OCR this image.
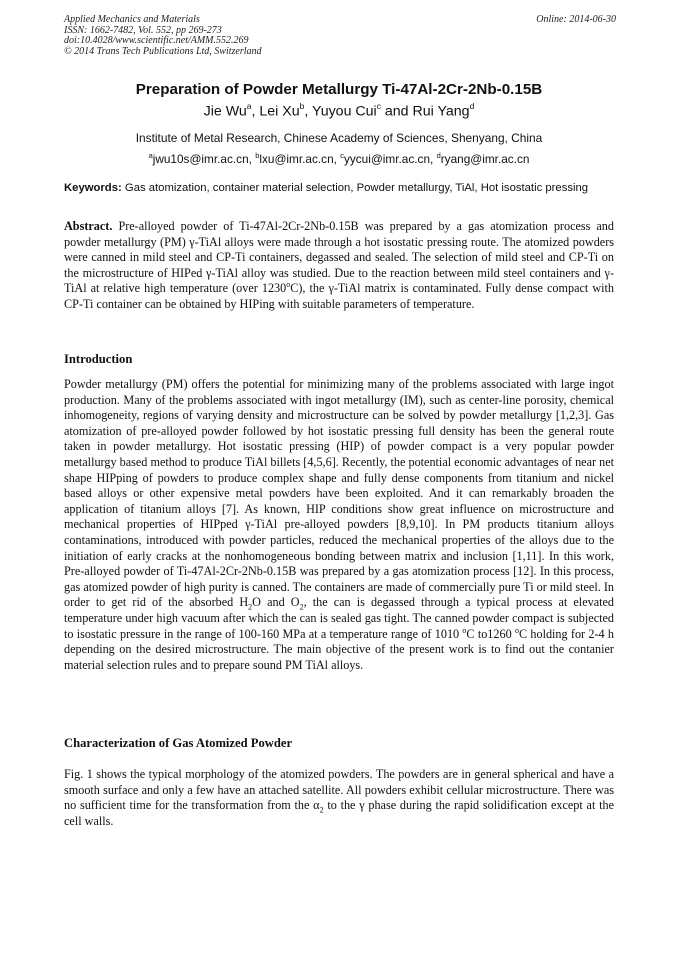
Applied Mechanics and Materials
ISSN: 1662-7482, Vol. 552, pp 269-273
doi:10.4028/www.scientific.net/AMM.552.269
© 2014 Trans Tech Publications Ltd, Switzerland
Online: 2014-06-30
Preparation of Powder Metallurgy Ti-47Al-2Cr-2Nb-0.15B
Jie Wu$^a$, Lei Xu$^b$, Yuyou Cui$^c$ and Rui Yang$^d$
Institute of Metal Research, Chinese Academy of Sciences, Shenyang, China
$^a$jwu10s@imr.ac.cn, $^b$lxu@imr.ac.cn, $^c$yycui@imr.ac.cn, $^d$ryang@imr.ac.cn
Keywords: Gas atomization, container material selection, Powder metallurgy, TiAl, Hot isostatic pressing
Abstract. Pre-alloyed powder of Ti-47Al-2Cr-2Nb-0.15B was prepared by a gas atomization process and powder metallurgy (PM) γ-TiAl alloys were made through a hot isostatic pressing route. The atomized powders were canned in mild steel and CP-Ti containers, degassed and sealed. The selection of mild steel and CP-Ti on the microstructure of HIPed γ-TiAl alloy was studied. Due to the reaction between mild steel containers and γ-TiAl at relative high temperature (over 1230$^o$C), the γ-TiAl matrix is contaminated. Fully dense compact with CP-Ti container can be obtained by HIPing with suitable parameters of temperature.
Introduction
Powder metallurgy (PM) offers the potential for minimizing many of the problems associated with large ingot production. Many of the problems associated with ingot metallurgy (IM), such as center-line porosity, chemical inhomogeneity, regions of varying density and microstructure can be solved by powder metallurgy [1,2,3]. Gas atomization of pre-alloyed powder followed by hot isostatic pressing full density has been the general route taken in powder metallurgy. Hot isostatic pressing (HIP) of powder compact is a very popular powder metallurgy based method to produce TiAl billets [4,5,6]. Recently, the potential economic advantages of near net shape HIPping of powders to produce complex shape and fully dense components from titanium and nickel based alloys or other expensive metal powders have been exploited. And it can remarkably broaden the application of titanium alloys [7]. As known, HIP conditions show great influence on microstructure and mechanical properties of HIPped γ-TiAl pre-alloyed powders [8,9,10]. In PM products titanium alloys contaminations, introduced with powder particles, reduced the mechanical properties of the alloys due to the initiation of early cracks at the nonhomogeneous bonding between matrix and inclusion [1,11]. In this work, Pre-alloyed powder of Ti-47Al-2Cr-2Nb-0.15B was prepared by a gas atomization process [12]. In this process, gas atomized powder of high purity is canned. The containers are made of commercially pure Ti or mild steel. In order to get rid of the absorbed $H_2O$ and $O_2$, the can is degassed through a typical process at elevated temperature under high vacuum after which the can is sealed gas tight. The canned powder compact is subjected to isostatic pressure in the range of 100-160 MPa at a temperature range of 1010 $^o$C to1260 $^o$C holding for 2-4 h depending on the desired microstructure. The main objective of the present work is to find out the contanier material selection rules and to prepare sound PM TiAl alloys.
Characterization of Gas Atomized Powder
Fig. 1 shows the typical morphology of the atomized powders. The powders are in general spherical and have a smooth surface and only a few have an attached satellite. All powders exhibit cellular microstructure. There was no sufficient time for the transformation from the $\alpha_2$ to the γ phase during the rapid solidification except at the cell walls.
